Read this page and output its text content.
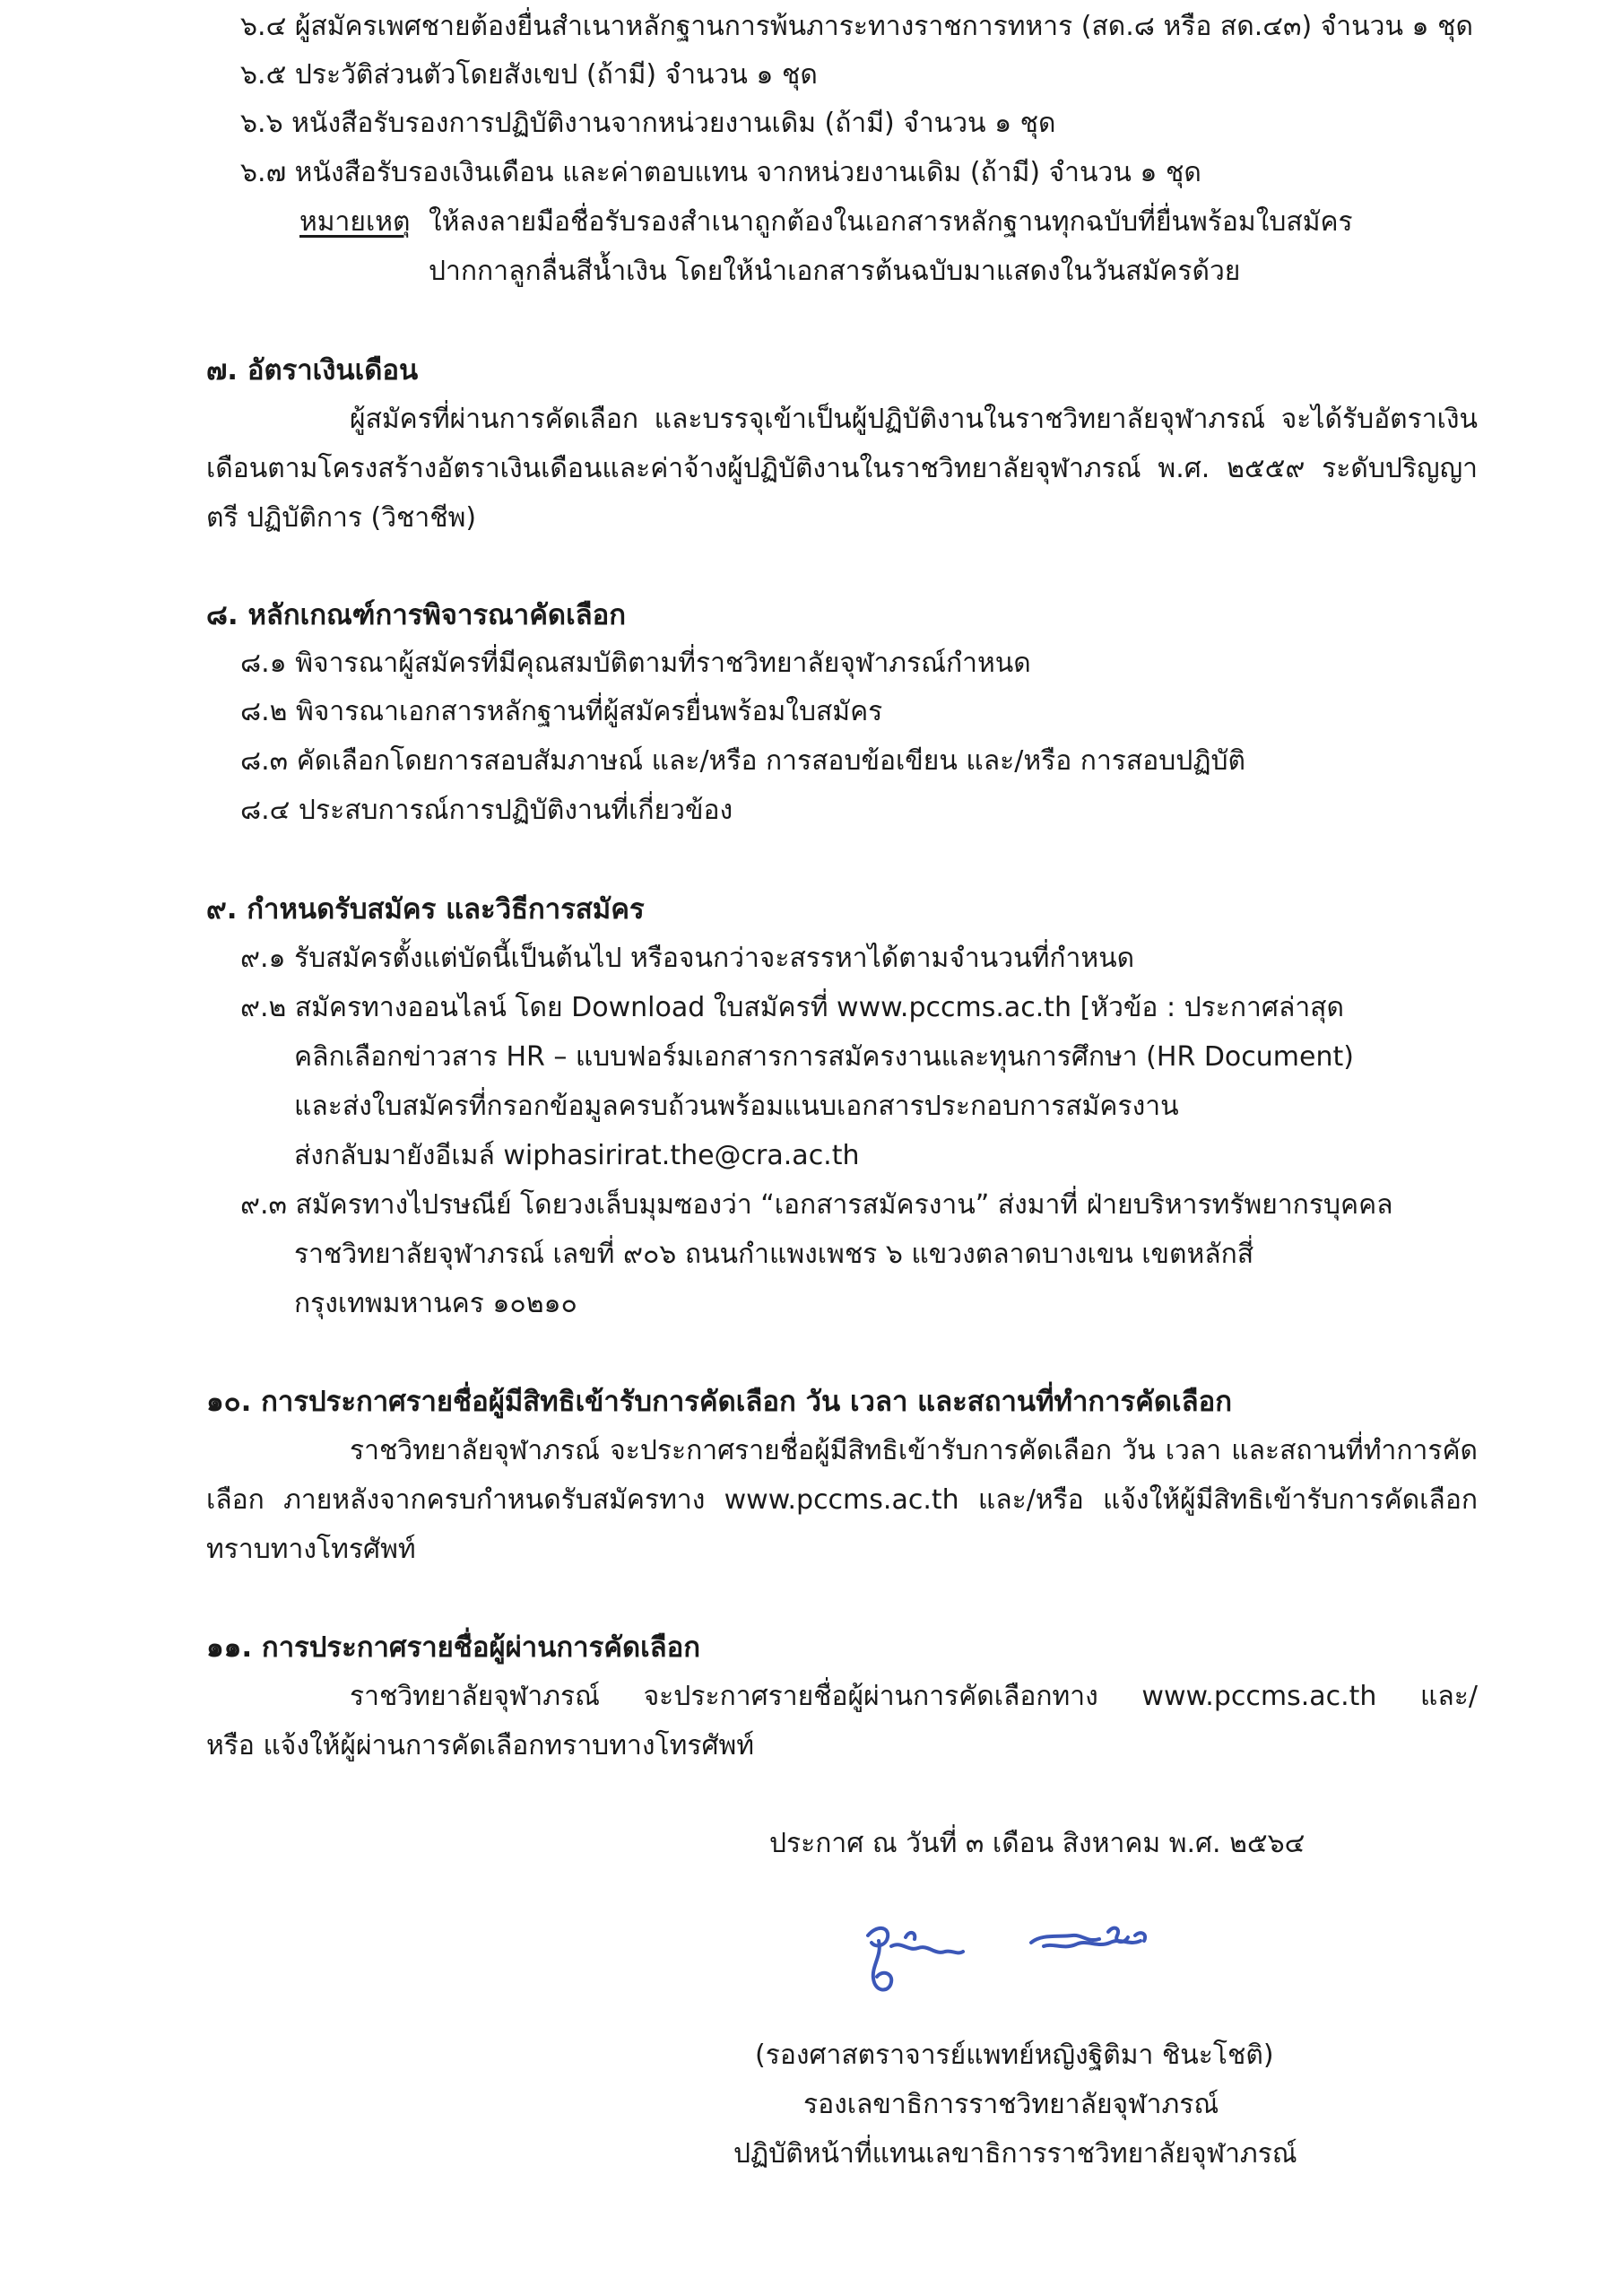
๖.๔ ผู้สมัครเพศชายต้องยื่นสำเนาหลักฐานการพ้นภาระทางราชการทหาร (สด.๘ หรือ สด.๔๓) จำนวน ๑ ชุด
๖.๕ ประวัติส่วนตัวโดยสังเขป (ถ้ามี) จำนวน ๑ ชุด
๖.๖ หนังสือรับรองการปฏิบัติงานจากหน่วยงานเดิม (ถ้ามี) จำนวน ๑ ชุด
๖.๗ หนังสือรับรองเงินเดือน และค่าตอบแทน จากหน่วยงานเดิม (ถ้ามี) จำนวน ๑ ชุด
หมายเหตุ ให้ลงลายมือชื่อรับรองสำเนาถูกต้องในเอกสารหลักฐานทุกฉบับที่ยื่นพร้อมใบสมัคร
ปากกาลูกลื่นสีน้ำเงิน โดยให้นำเอกสารต้นฉบับมาแสดงในวันสมัครด้วย
๗. อัตราเงินเดือน
ผู้สมัครที่ผ่านการคัดเลือก และบรรจุเข้าเป็นผู้ปฏิบัติงานในราชวิทยาลัยจุฬาภรณ์ จะได้รับอัตราเงิน
เดือนตามโครงสร้างอัตราเงินเดือนและค่าจ้างผู้ปฏิบัติงานในราชวิทยาลัยจุฬาภรณ์ พ.ศ. ๒๕๕๙ ระดับปริญญา
ตรี ปฏิบัติการ (วิชาชีพ)
๘. หลักเกณฑ์การพิจารณาคัดเลือก
๘.๑ พิจารณาผู้สมัครที่มีคุณสมบัติตามที่ราชวิทยาลัยจุฬาภรณ์กำหนด
๘.๒ พิจารณาเอกสารหลักฐานที่ผู้สมัครยื่นพร้อมใบสมัคร
๘.๓ คัดเลือกโดยการสอบสัมภาษณ์ และ/หรือ การสอบข้อเขียน และ/หรือ การสอบปฏิบัติ
๘.๔ ประสบการณ์การปฏิบัติงานที่เกี่ยวข้อง
๙. กำหนดรับสมัคร และวิธีการสมัคร
๙.๑ รับสมัครตั้งแต่บัดนี้เป็นต้นไป หรือจนกว่าจะสรรหาได้ตามจำนวนที่กำหนด
๙.๒ สมัครทางออนไลน์ โดย Download ใบสมัครที่ www.pccms.ac.th [หัวข้อ : ประกาศล่าสุด
คลิกเลือกข่าวสาร HR – แบบฟอร์มเอกสารการสมัครงานและทุนการศึกษา (HR Document)
และส่งใบสมัครที่กรอกข้อมูลครบถ้วนพร้อมแนบเอกสารประกอบการสมัครงาน
ส่งกลับมายังอีเมล์ wiphasirirat.the@cra.ac.th
๙.๓ สมัครทางไปรษณีย์ โดยวงเล็บมุมซองว่า “เอกสารสมัครงาน” ส่งมาที่ ฝ่ายบริหารทรัพยากรบุคคล
ราชวิทยาลัยจุฬาภรณ์ เลขที่ ๙๐๖ ถนนกำแพงเพชร ๖ แขวงตลาดบางเขน เขตหลักสี่
กรุงเทพมหานคร ๑๐๒๑๐
๑๐. การประกาศรายชื่อผู้มีสิทธิเข้ารับการคัดเลือก วัน เวลา และสถานที่ทำการคัดเลือก
ราชวิทยาลัยจุฬาภรณ์ จะประกาศรายชื่อผู้มีสิทธิเข้ารับการคัดเลือก วัน เวลา และสถานที่ทำการคัด
เลือก ภายหลังจากครบกำหนดรับสมัครทาง www.pccms.ac.th และ/หรือ แจ้งให้ผู้มีสิทธิเข้ารับการคัดเลือก
ทราบทางโทรศัพท์
๑๑. การประกาศรายชื่อผู้ผ่านการคัดเลือก
ราชวิทยาลัยจุฬาภรณ์ จะประกาศรายชื่อผู้ผ่านการคัดเลือกทาง www.pccms.ac.th และ/
หรือ แจ้งให้ผู้ผ่านการคัดเลือกทราบทางโทรศัพท์
ประกาศ ณ วันที่ ๓ เดือน สิงหาคม พ.ศ. ๒๕๖๔
(รองศาสตราจารย์แพทย์หญิงฐิติมา ชินะโชติ)
รองเลขาธิการราชวิทยาลัยจุฬาภรณ์
ปฏิบัติหน้าที่แทนเลขาธิการราชวิทยาลัยจุฬาภรณ์
